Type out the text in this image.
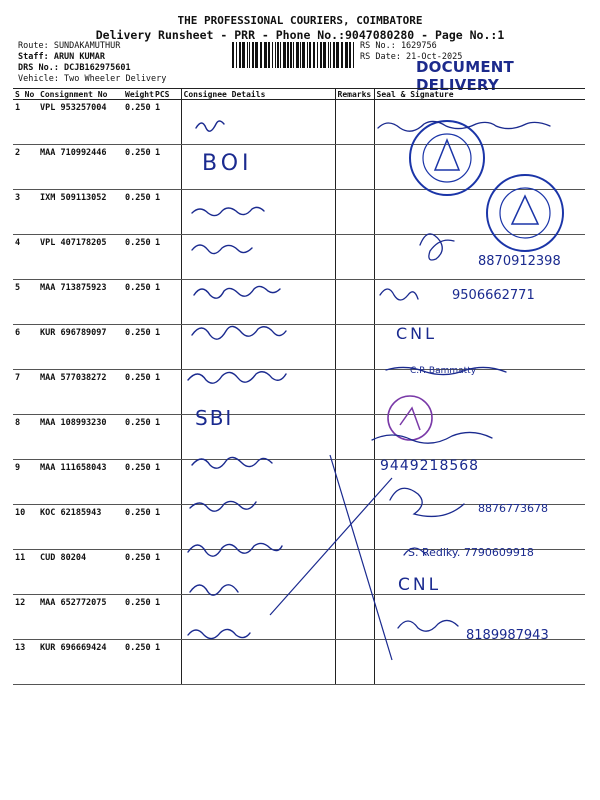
THE PROFESSIONAL COURIERS, COIMBATORE
Delivery Runsheet - PRR - Phone No.:9047080280 - Page No.:1
Route: SUNDAKAMUTHUR
Staff: ARUN KUMAR
DRS No.: DCJB162975601
Vehicle: Two Wheeler Delivery
RS No.: 1629756
RS Date: 21-Oct-2025
DOCUMENT DELIVERY
S No	Consignment No	Weight	PCS	Consignee Details	Remarks	Seal & Signature
1	VPL 953257004	0.250	1			
2	MAA 710992446	0.250	1			
3	IXM 509113052	0.250	1			
4	VPL 407178205	0.250	1			
5	MAA 713875923	0.250	1			
6	KUR 696789097	0.250	1			
7	MAA 577038272	0.250	1			
8	MAA 108993230	0.250	1			
9	MAA 111658043	0.250	1			
10	KOC 62185943	0.250	1			
11	CUD 80204	0.250	1			
12	MAA 652772075	0.250	1			
13	KUR 696669424	0.250	1			
BOI
SBI
8870912398
9506662771
CNL
C.P. Bammatty
9449218568
8876773678
S. Rediky. 7790609918
CNL
8189987943
